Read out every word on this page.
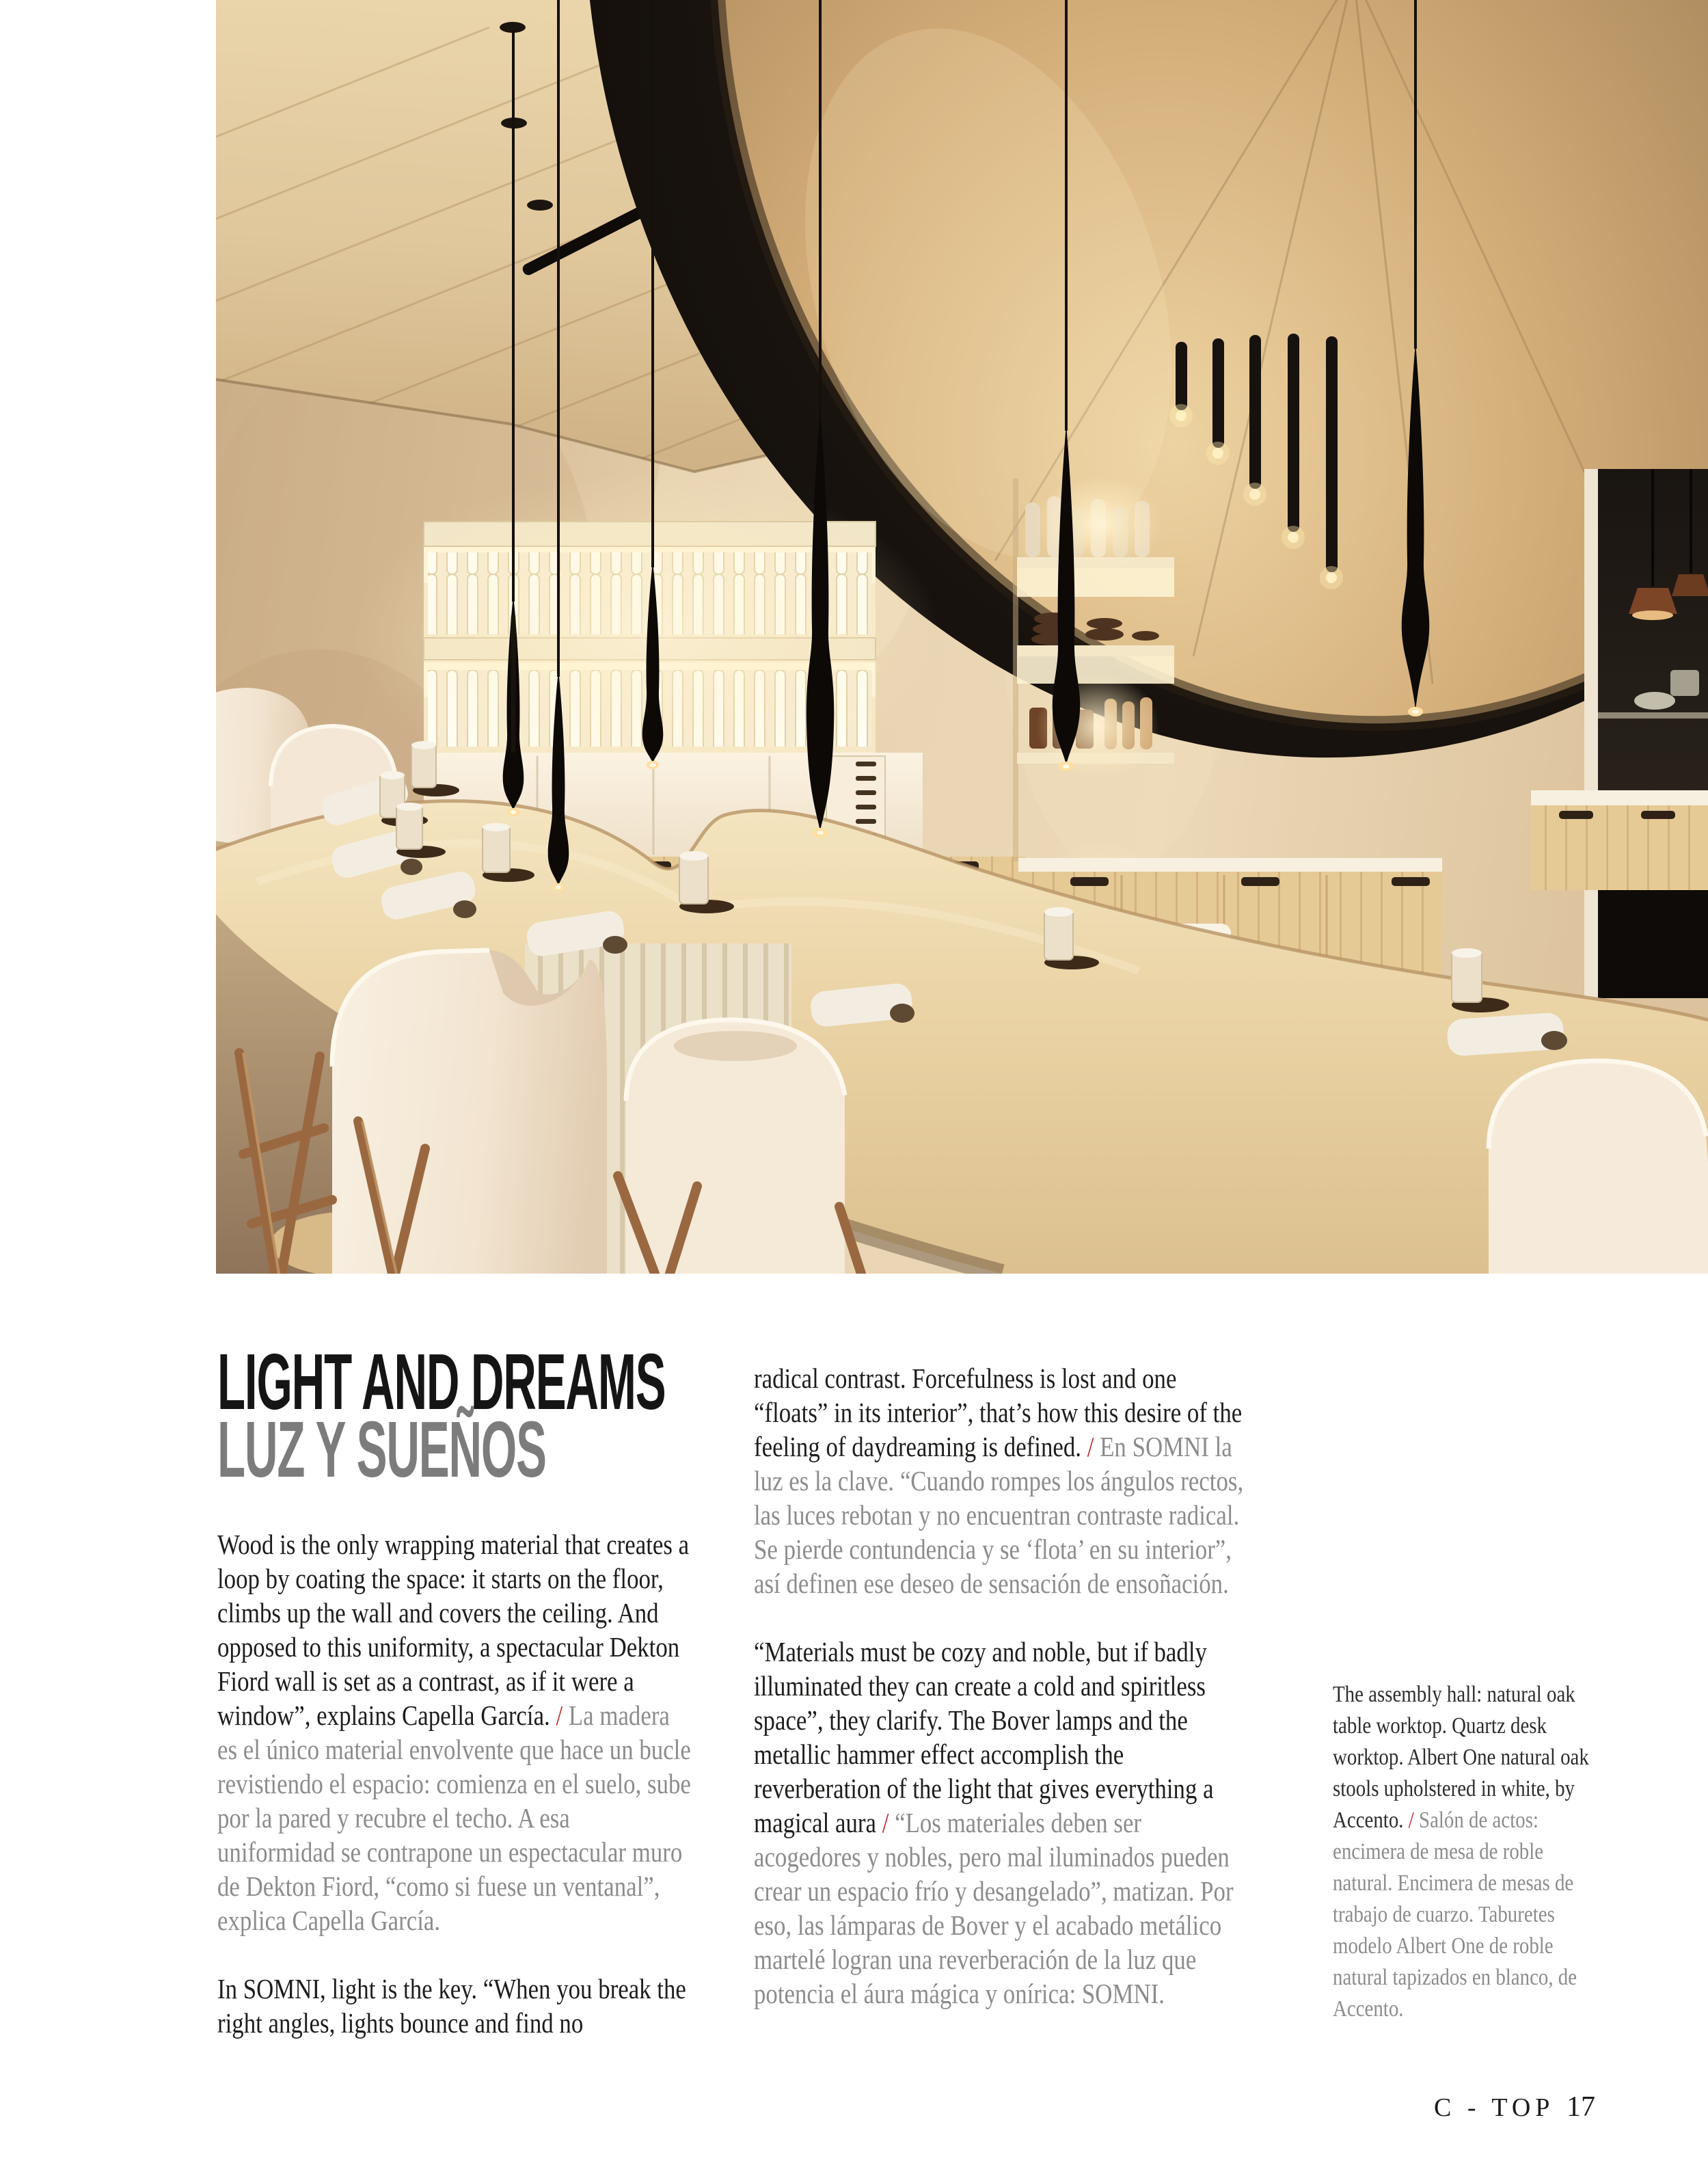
LIGHT AND DREAMS
LUZ Y SUEÑOS

Wood is the only wrapping material that creates a loop by coating the space: it starts on the floor, climbs up the wall and covers the ceiling. And opposed to this uniformity, a spectacular Dekton Fiord wall is set as a contrast, as if it were a window”, explains Capella García. / La madera es el único material envolvente que hace un bucle revistiendo el espacio: comienza en el suelo, sube por la pared y recubre el techo. A esa uniformidad se contrapone un espectacular muro de Dekton Fiord, “como si fuese un ventanal”, explica Capella García.

In SOMNI, light is the key. “When you break the right angles, lights bounce and find no

radical contrast. Forcefulness is lost and one “floats” in its interior”, that’s how this desire of the feeling of daydreaming is defined. / En SOMNI la luz es la clave. “Cuando rompes los ángulos rectos, las luces rebotan y no encuentran contraste radical. Se pierde contundencia y se ‘flota’ en su interior”, así definen ese deseo de sensación de ensoñación.

“Materials must be cozy and noble, but if badly illuminated they can create a cold and spiritless space”, they clarify. The Bover lamps and the metallic hammer effect accomplish the reverberation of the light that gives everything a magical aura / “Los materiales deben ser acogedores y nobles, pero mal iluminados pueden crear un espacio frío y desangelado”, matizan. Por eso, las lámparas de Bover y el acabado metálico martelé logran una reverberación de la luz que potencia el áura mágica y onírica: SOMNI.

The assembly hall: natural oak table worktop. Quartz desk worktop. Albert One natural oak stools upholstered in white, by Accento. / Salón de actos: encimera de mesa de roble natural. Encimera de mesas de trabajo de cuarzo. Taburetes modelo Albert One de roble natural tapizados en blanco, de Accento.
C - TOP 17
